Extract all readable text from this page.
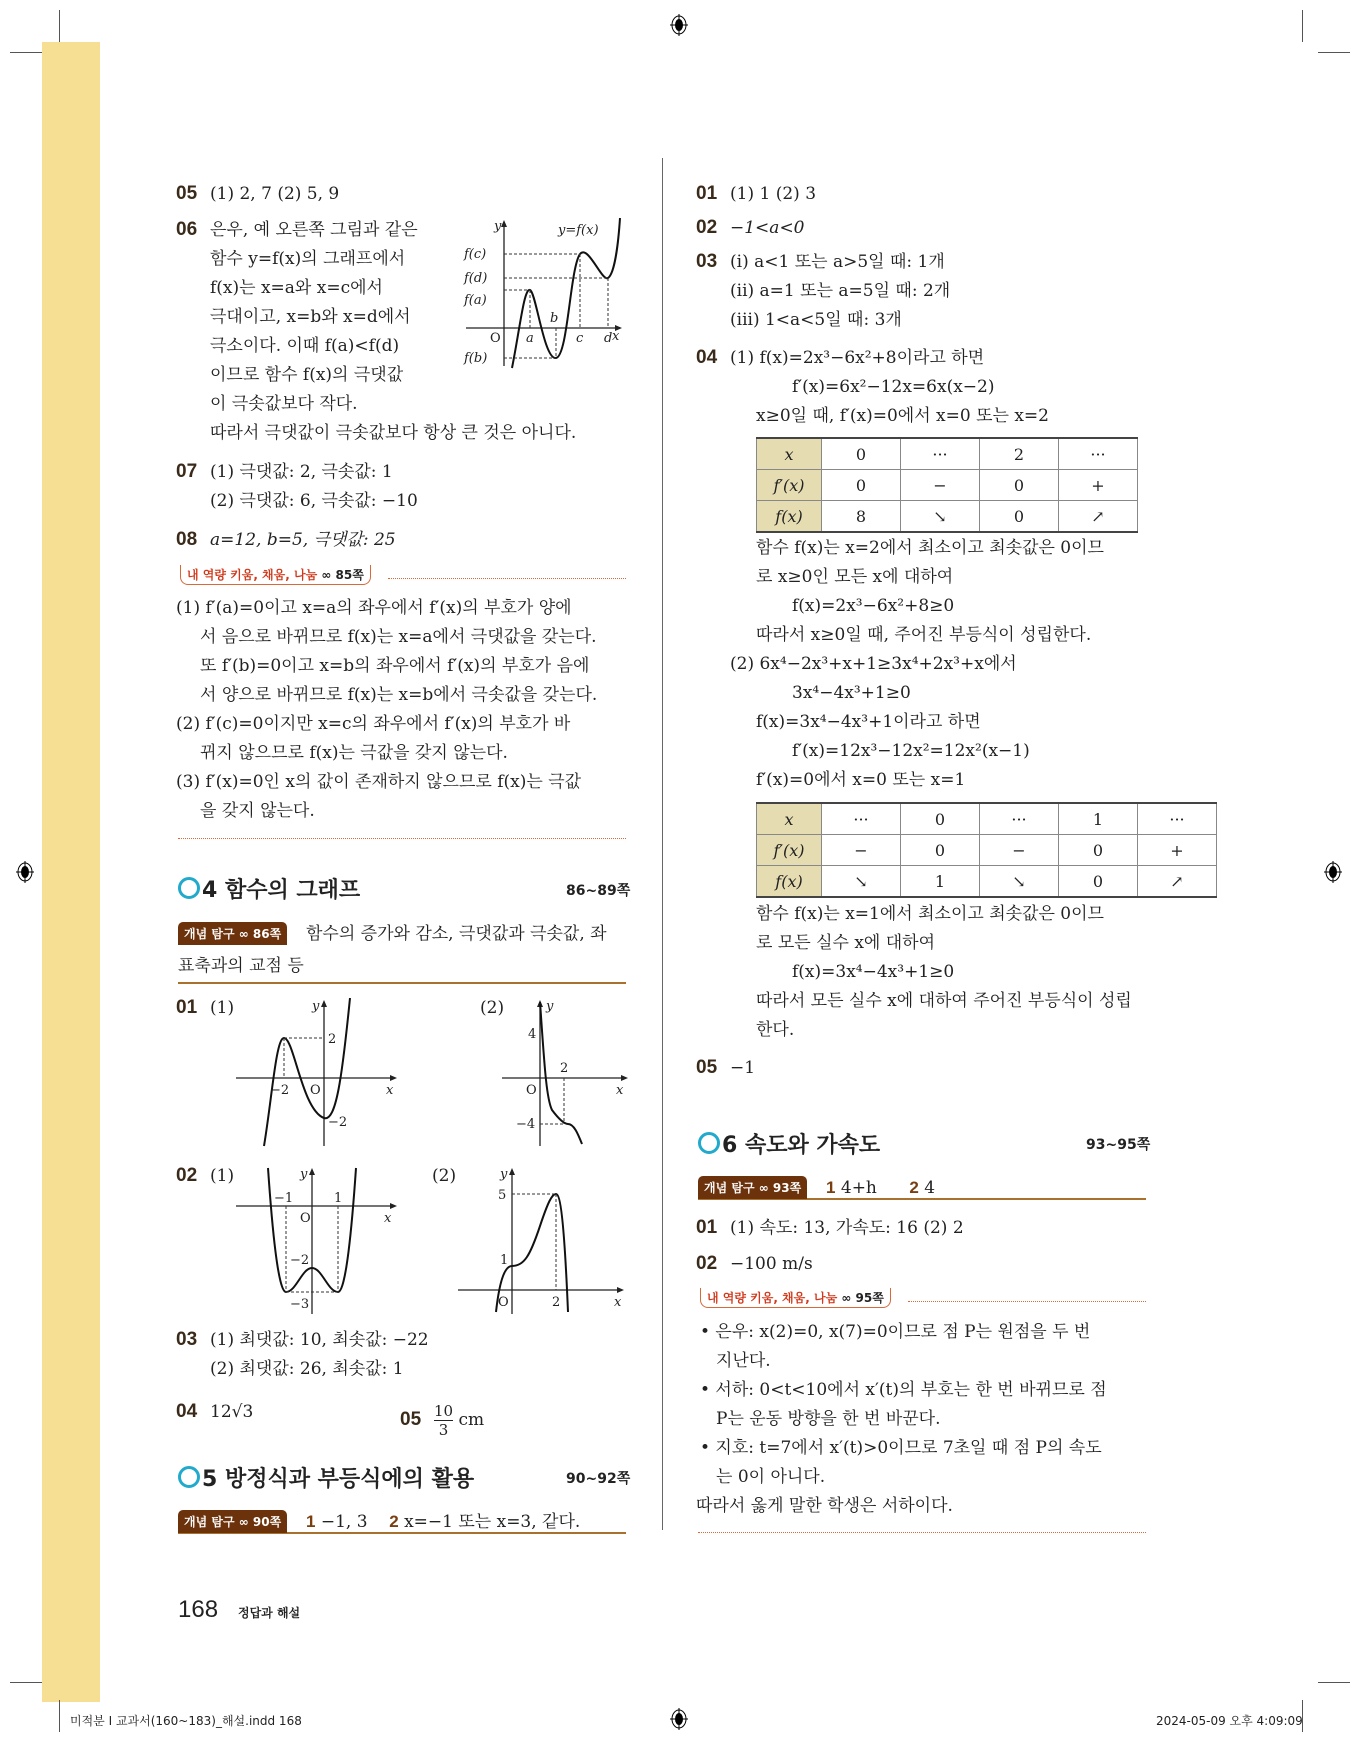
05 (1) 2, 7 (2) 5, 9
06 은우, 예 오른쪽 그림과 같은
함수 y=f(x)의 그래프에서
f(x)는 x=a와 x=c에서
극대이고, x=b와 x=d에서
극소이다. 이때 f(a)<f(d)
이므로 함수 f(x)의 극댓값
이 극솟값보다 작다.
따라서 극댓값이 극솟값보다 항상 큰 것은 아니다.
y	y=f(x)
f(c)
f(d)
f(a)
f(b)
O a
b
c d x
07 (1) 극댓값: 2, 극솟값: 1
(2) 극댓값: 6, 극솟값: −10
08 a=12, b=5, 극댓값: 25
내 역량 키움, 채움, 나눔 ∞ 85쪽
(1) f′(a)=0이고 x=a의 좌우에서 f′(x)의 부호가 양에
서 음으로 바뀌므로 f(x)는 x=a에서 극댓값을 갖는다.
또 f′(b)=0이고 x=b의 좌우에서 f′(x)의 부호가 음에
서 양으로 바뀌므로 f(x)는 x=b에서 극솟값을 갖는다.
(2) f′(c)=0이지만 x=c의 좌우에서 f′(x)의 부호가 바
뀌지 않으므로 f(x)는 극값을 갖지 않는다.
(3) f′(x)=0인 x의 값이 존재하지 않으므로 f(x)는 극값
을 갖지 않는다.
4 함수의 그래프	86~89쪽
개념 탐구 ∞ 86쪽	함수의 증가와 감소, 극댓값과 극솟값, 좌
표축과의 교점 등
01 (1)	(2)
y
2
−2 O
−2
x
y
4
2
O
−4
x
02 (1)	(2)
y
−1	1
O
−2
−3
x
y
5
1
O	2	x
03 (1) 최댓값: 10, 최솟값: −22
(2) 최댓값: 26, 최솟값: 1
04 12√3	$05 \frac{10}{3}$ cm
5 방정식과 부등식에의 활용	90~92쪽
개념 탐구 ∞ 90쪽	1 −1, 3 2 x=−1 또는 x=3, 같다.
168 정답과 해설
01 (1) 1 (2) 3
02 −1<a<0
03 (i) a<1 또는 a>5일 때: 1개
(ii) a=1 또는 a=5일 때: 2개
(iii) 1<a<5일 때: 3개
04 (1) f(x)=2x³−6x²+8이라고 하면
f′(x)=6x²−12x=6x(x−2)
x≥0일 때, f′(x)=0에서 x=0 또는 x=2
x	0	···	2	···
f′(x)	0	−	0	+
f(x)	8	↘	0	↗
함수 f(x)는 x=2에서 최소이고 최솟값은 0이므
로 x≥0인 모든 x에 대하여
f(x)=2x³−6x²+8≥0
따라서 x≥0일 때, 주어진 부등식이 성립한다.
(2) 6x⁴−2x³+x+1≥3x⁴+2x³+x에서
3x⁴−4x³+1≥0
f(x)=3x⁴−4x³+1이라고 하면
f′(x)=12x³−12x²=12x²(x−1)
f′(x)=0에서 x=0 또는 x=1
x	···	0	···	1	···
f′(x)	−	0	−	0	+
f(x)	↘	1	↘	0	↗
함수 f(x)는 x=1에서 최소이고 최솟값은 0이므
로 모든 실수 x에 대하여
f(x)=3x⁴−4x³+1≥0
따라서 모든 실수 x에 대하여 주어진 부등식이 성립
한다.
05 −1
6 속도와 가속도	93~95쪽
개념 탐구 ∞ 93쪽	1 4+h 2 4
01 (1) 속도: 13, 가속도: 16 (2) 2
02 −100 m/s
내 역량 키움, 채움, 나눔 ∞ 95쪽
• 은우: x(2)=0, x(7)=0이므로 점 P는 원점을 두 번
지난다.
• 서하: 0<t<10에서 x′(t)의 부호는 한 번 바뀌므로 점
P는 운동 방향을 한 번 바꾼다.
• 지호: t=7에서 x′(t)>0이므로 7초일 때 점 P의 속도
는 0이 아니다.
따라서 옳게 말한 학생은 서하이다.
미적분 I 교과서(160~183)_해설.indd 168	2024-05-09 오후 4:09:09
